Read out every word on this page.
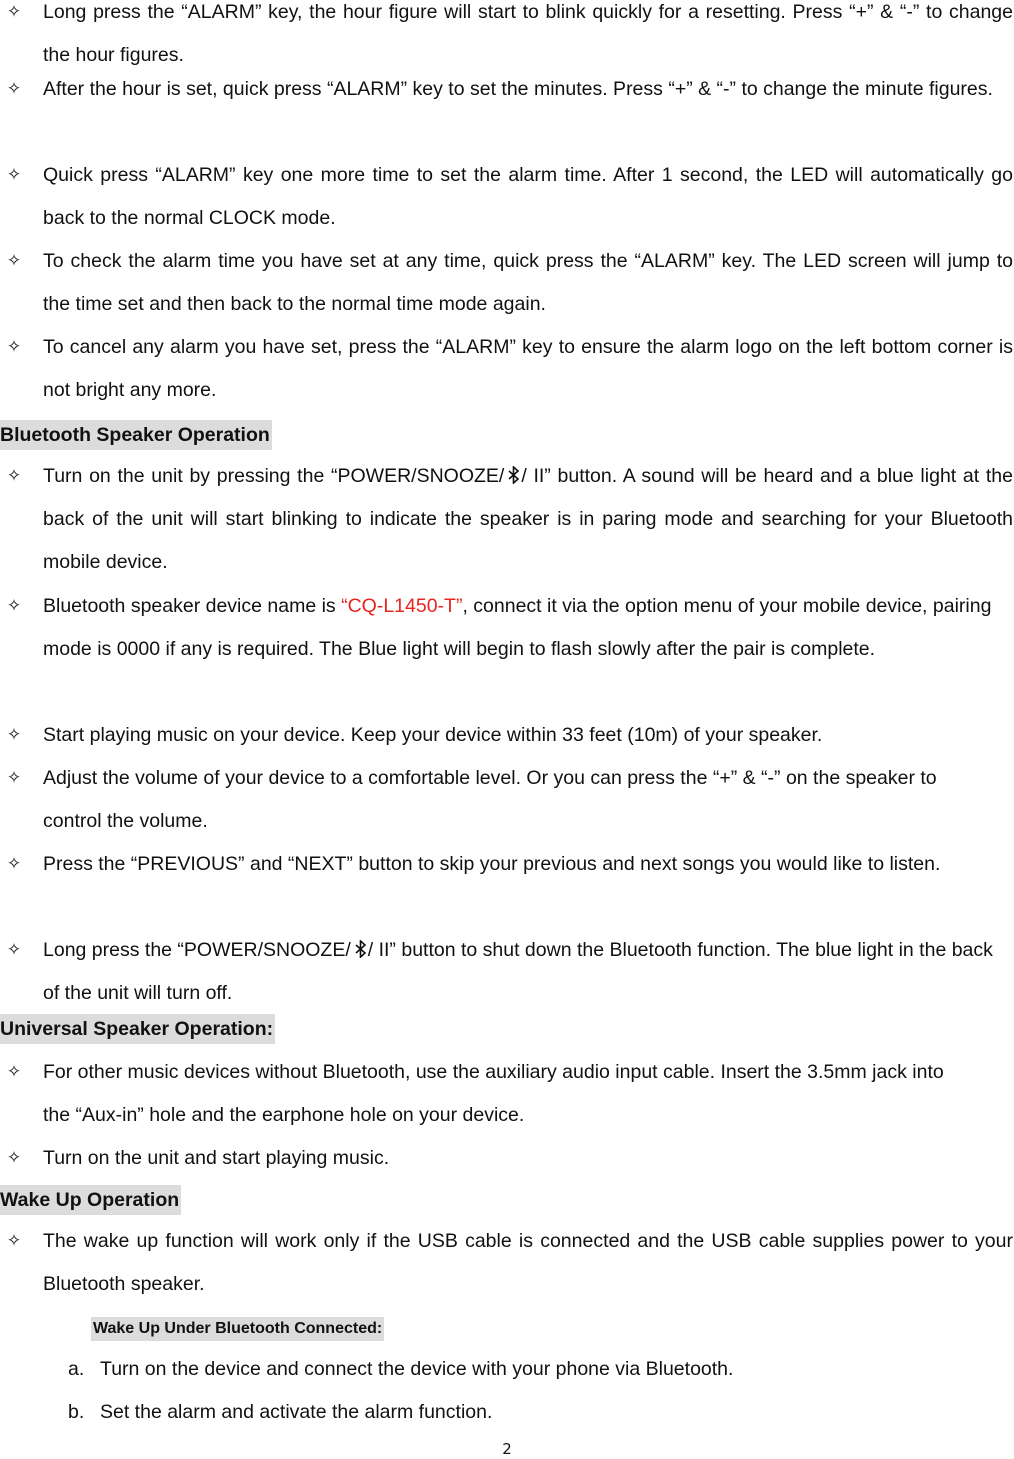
✧ Long press the “ALARM” key, the hour figure will start to blink quickly for a resetting. Press “+” & “-” to change the hour figures.
✧ After the hour is set, quick press “ALARM” key to set the minutes. Press “+” & “-” to change the minute figures.
✧ Quick press “ALARM” key one more time to set the alarm time. After 1 second, the LED will automatically go back to the normal CLOCK mode.
✧ To check the alarm time you have set at any time, quick press the “ALARM” key. The LED screen will jump to the time set and then back to the normal time mode again.
✧ To cancel any alarm you have set, press the “ALARM” key to ensure the alarm logo on the left bottom corner is not bright any more.
Bluetooth Speaker Operation
✧ Turn on the unit by pressing the “POWER/SNOOZE/ / II” button. A sound will be heard and a blue light at the back of the unit will start blinking to indicate the speaker is in paring mode and searching for your Bluetooth mobile device.
✧ Bluetooth speaker device name is “CQ-L1450-T”, connect it via the option menu of your mobile device, pairing mode is 0000 if any is required. The Blue light will begin to flash slowly after the pair is complete.
✧ Start playing music on your device. Keep your device within 33 feet (10m) of your speaker.
✧ Adjust the volume of your device to a comfortable level. Or you can press the “+” & “-” on the speaker to control the volume.
✧ Press the “PREVIOUS” and “NEXT” button to skip your previous and next songs you would like to listen.
✧ Long press the “POWER/SNOOZE/ / II” button to shut down the Bluetooth function. The blue light in the back of the unit will turn off.
Universal Speaker Operation:
✧ For other music devices without Bluetooth, use the auxiliary audio input cable. Insert the 3.5mm jack into the “Aux-in” hole and the earphone hole on your device.
✧ Turn on the unit and start playing music.
Wake Up Operation
✧ The wake up function will work only if the USB cable is connected and the USB cable supplies power to your Bluetooth speaker.
Wake Up Under Bluetooth Connected:
a. Turn on the device and connect the device with your phone via Bluetooth.
b. Set the alarm and activate the alarm function.
2
